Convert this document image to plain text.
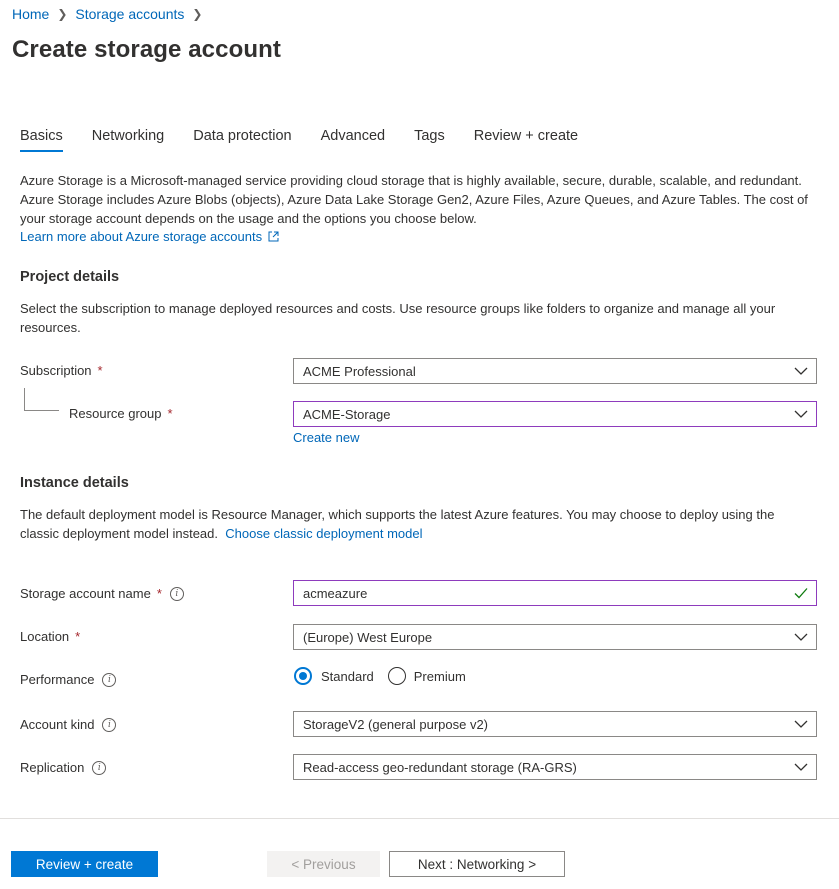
Home ❯ Storage accounts ❯
Create storage account
Basics Networking Data protection Advanced Tags Review + create
Azure Storage is a Microsoft-managed service providing cloud storage that is highly available, secure, durable, scalable, and redundant. Azure Storage includes Azure Blobs (objects), Azure Data Lake Storage Gen2, Azure Files, Azure Queues, and Azure Tables. The cost of your storage account depends on the usage and the options you choose below.
Learn more about Azure storage accounts
Project details
Select the subscription to manage deployed resources and costs. Use resource groups like folders to organize and manage all your resources.
Subscription *	ACME Professional
Resource group *	ACME-Storage
Create new
Instance details
The default deployment model is Resource Manager, which supports the latest Azure features. You may choose to deploy using the classic deployment model instead. Choose classic deployment model
Storage account name *	i	acmeazure
Location *	(Europe) West Europe
Performance	i	Standard	Premium
Account kind	i	StorageV2 (general purpose v2)
Replication	i	Read-access geo-redundant storage (RA-GRS)
Review + create	< Previous	Next : Networking >
